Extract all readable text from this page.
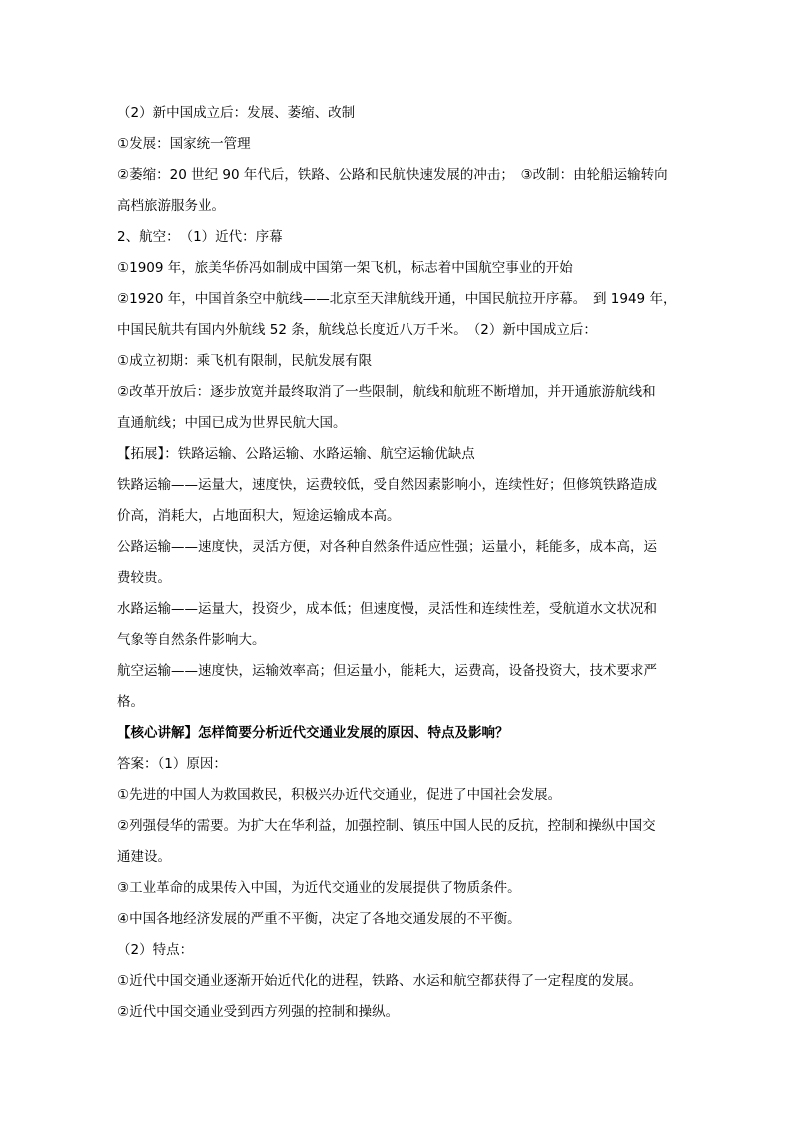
（2）新中国成立后：发展、萎缩、改制

①发展：国家统一管理

②萎缩：20 世纪 90 年代后，铁路、公路和民航快速发展的冲击；　③改制：由轮船运输转向

高档旅游服务业。

2、航空：　（1）近代：序幕

①1909 年，旅美华侨冯如制成中国第一架飞机，标志着中国航空事业的开始

②1920 年，中国首条空中航线——北京至天津航线开通，中国民航拉开序幕。　到 1949 年，

中国民航共有国内外航线 52 条，航线总长度近八万千米。　（2）新中国成立后：

①成立初期：乘飞机有限制，民航发展有限

②改革开放后：逐步放宽并最终取消了一些限制，航线和航班不断增加，并开通旅游航线和

直通航线；中国已成为世界民航大国。

【拓展】：铁路运输、公路运输、水路运输、航空运输优缺点

铁路运输——运量大，速度快，运费较低，受自然因素影响小，连续性好；但修筑铁路造成

价高，消耗大，占地面积大，短途运输成本高。

公路运输——速度快，灵活方便，对各种自然条件适应性强；运量小，耗能多，成本高，运

费较贵。

水路运输——运量大，投资少，成本低；但速度慢，灵活性和连续性差，受航道水文状况和

气象等自然条件影响大。

航空运输——速度快，运输效率高；但运量小，能耗大，运费高，设备投资大，技术要求严

格。

【核心讲解】怎样简要分析近代交通业发展的原因、特点及影响？

答案：（1）原因：

①先进的中国人为救国救民，积极兴办近代交通业，促进了中国社会发展。

②列强侵华的需要。为扩大在华利益，加强控制、镇压中国人民的反抗，控制和操纵中国交

通建设。

③工业革命的成果传入中国，为近代交通业的发展提供了物质条件。

④中国各地经济发展的严重不平衡，决定了各地交通发展的不平衡。

（2）特点：

①近代中国交通业逐渐开始近代化的进程，铁路、水运和航空都获得了一定程度的发展。

②近代中国交通业受到西方列强的控制和操纵。
